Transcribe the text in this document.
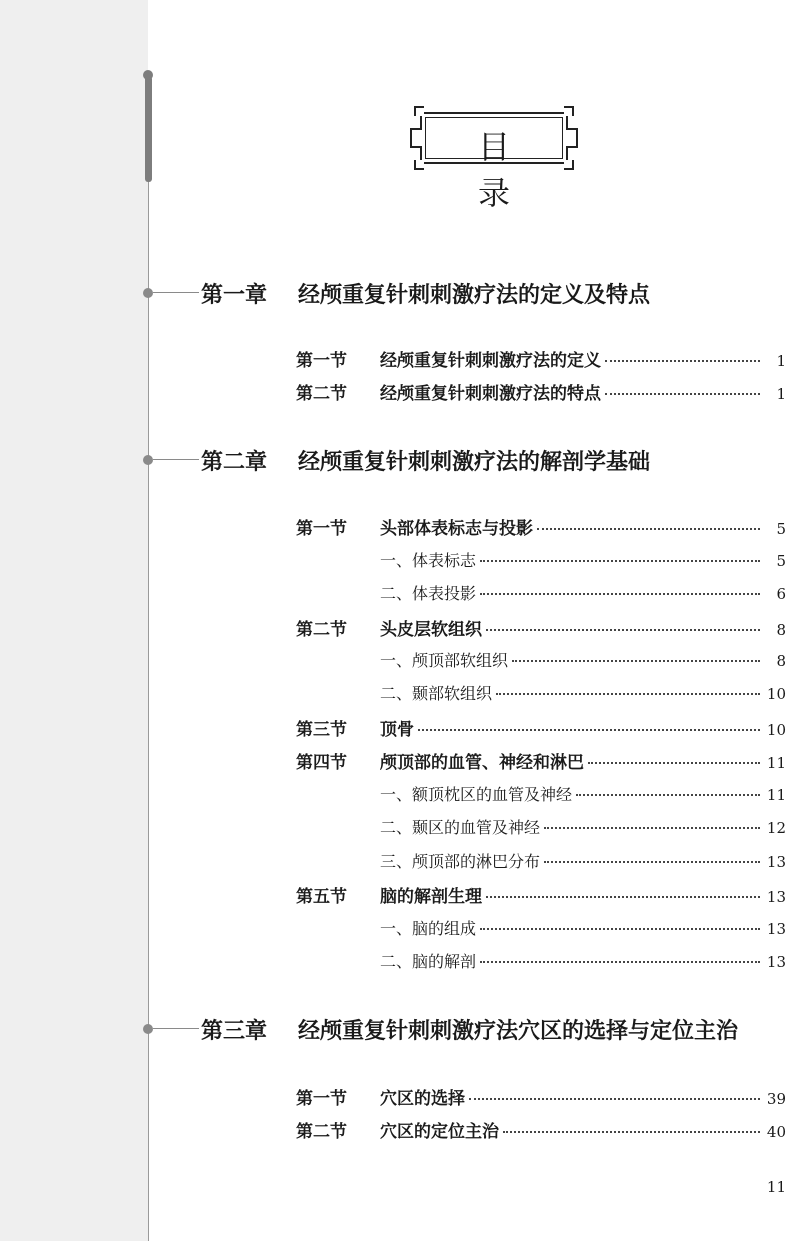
目 录
第一章 经颅重复针刺刺激疗法的定义及特点
第一节	经颅重复针刺刺激疗法的定义	1
第二节	经颅重复针刺刺激疗法的特点	1
第二章 经颅重复针刺刺激疗法的解剖学基础
第一节	头部体表标志与投影	5
一、体表标志	5
二、体表投影	6
第二节	头皮层软组织	8
一、颅顶部软组织	8
二、颞部软组织	10
第三节	顶骨	10
第四节	颅顶部的血管、神经和淋巴	11
一、额顶枕区的血管及神经	11
二、颞区的血管及神经	12
三、颅顶部的淋巴分布	13
第五节	脑的解剖生理	13
一、脑的组成	13
二、脑的解剖	13
第三章 经颅重复针刺刺激疗法穴区的选择与定位主治
第一节	穴区的选择	39
第二节	穴区的定位主治	40
11
